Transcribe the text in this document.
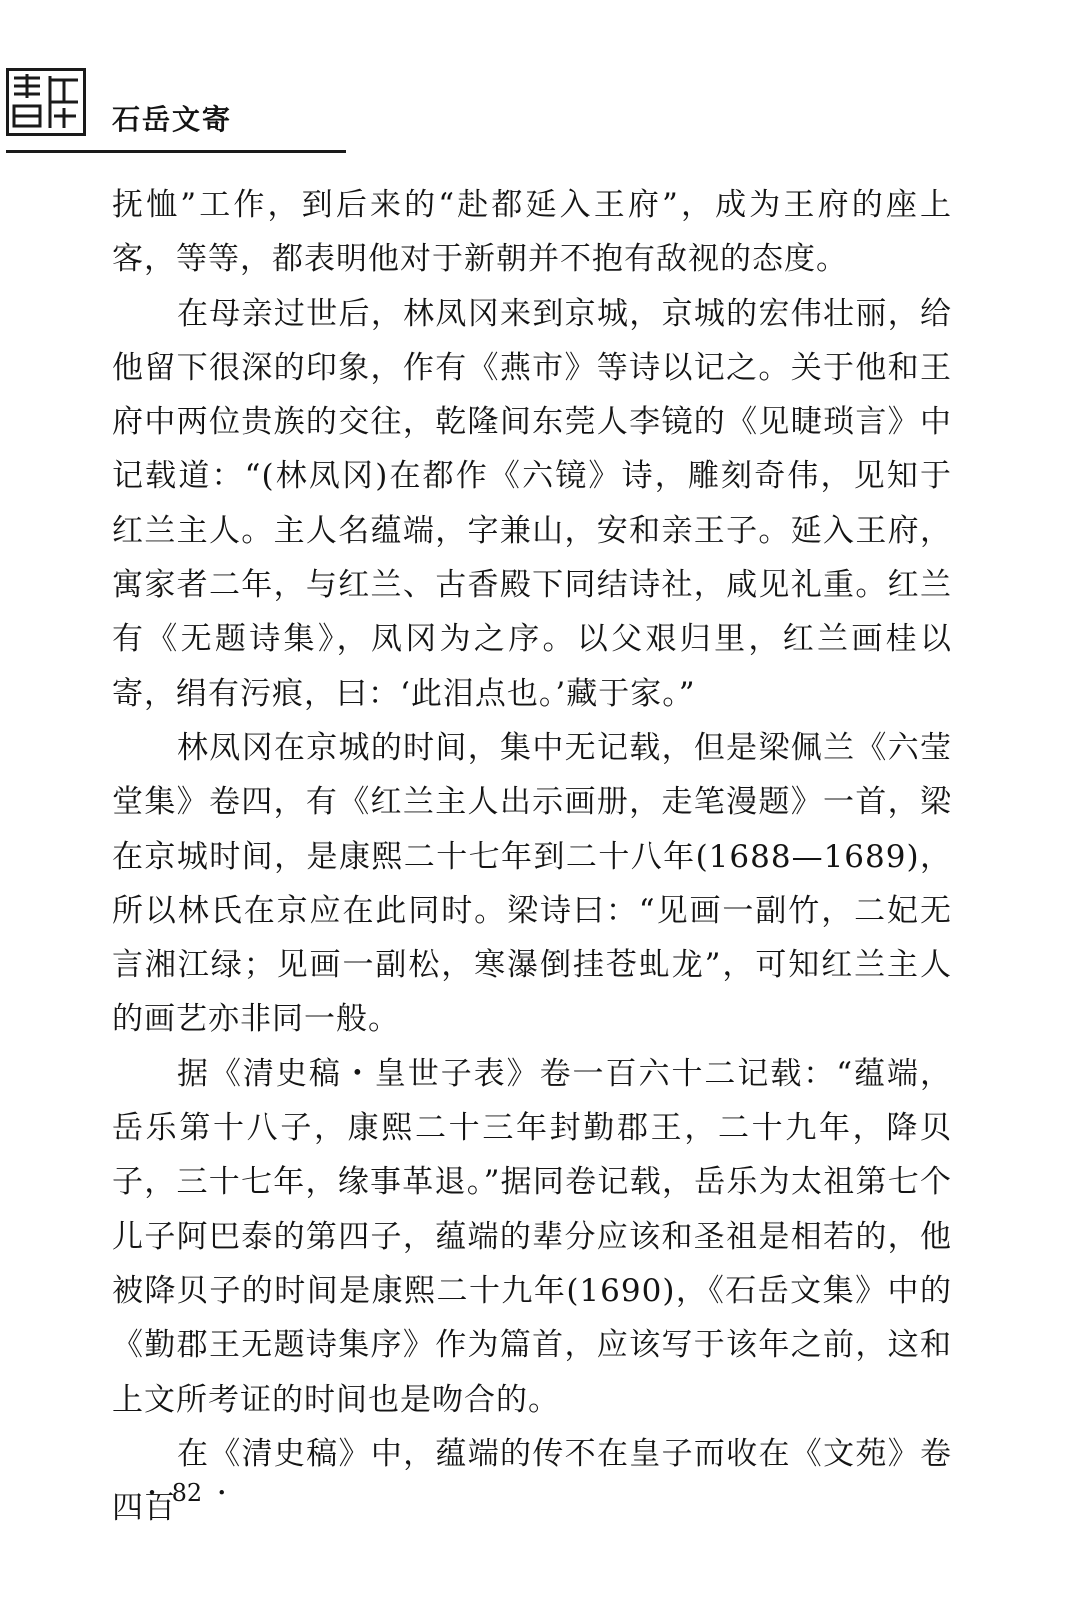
石岳文寄

抚恤”工作，到后来的“赴都延入王府”，成为王府的座上客，等等，都表明他对于新朝并不抱有敌视的态度。

在母亲过世后，林凤冈来到京城，京城的宏伟壮丽，给他留下很深的印象，作有《燕市》等诗以记之。关于他和王府中两位贵族的交往，乾隆间东莞人李镜的《见睫琐言》中记载道：“(林凤冈)在都作《六镜》诗，雕刻奇伟，见知于红兰主人。主人名蕴端，字兼山，安和亲王子。延入王府，寓家者二年，与红兰、古香殿下同结诗社，咸见礼重。红兰有《无题诗集》，凤冈为之序。以父艰归里，红兰画桂以寄，绢有污痕，曰：‘此泪点也。’藏于家。”

林凤冈在京城的时间，集中无记载，但是梁佩兰《六莹堂集》卷四，有《红兰主人出示画册，走笔漫题》一首，梁在京城时间，是康熙二十七年到二十八年(1688—1689)，所以林氏在京应在此同时。梁诗曰：“见画一副竹，二妃无言湘江绿；见画一副松，寒瀑倒挂苍虬龙”，可知红兰主人的画艺亦非同一般。

据《清史稿・皇世子表》卷一百六十二记载：“蕴端，岳乐第十八子，康熙二十三年封勤郡王，二十九年，降贝子，三十七年，缘事革退。”据同卷记载，岳乐为太祖第七个儿子阿巴泰的第四子，蕴端的辈分应该和圣祖是相若的，他被降贝子的时间是康熙二十九年(1690)，《石岳文集》中的《勤郡王无题诗集序》作为篇首，应该写于该年之前，这和上文所考证的时间也是吻合的。

在《清史稿》中，蕴端的传不在皇子而收在《文苑》卷四百

・ 82 ・
